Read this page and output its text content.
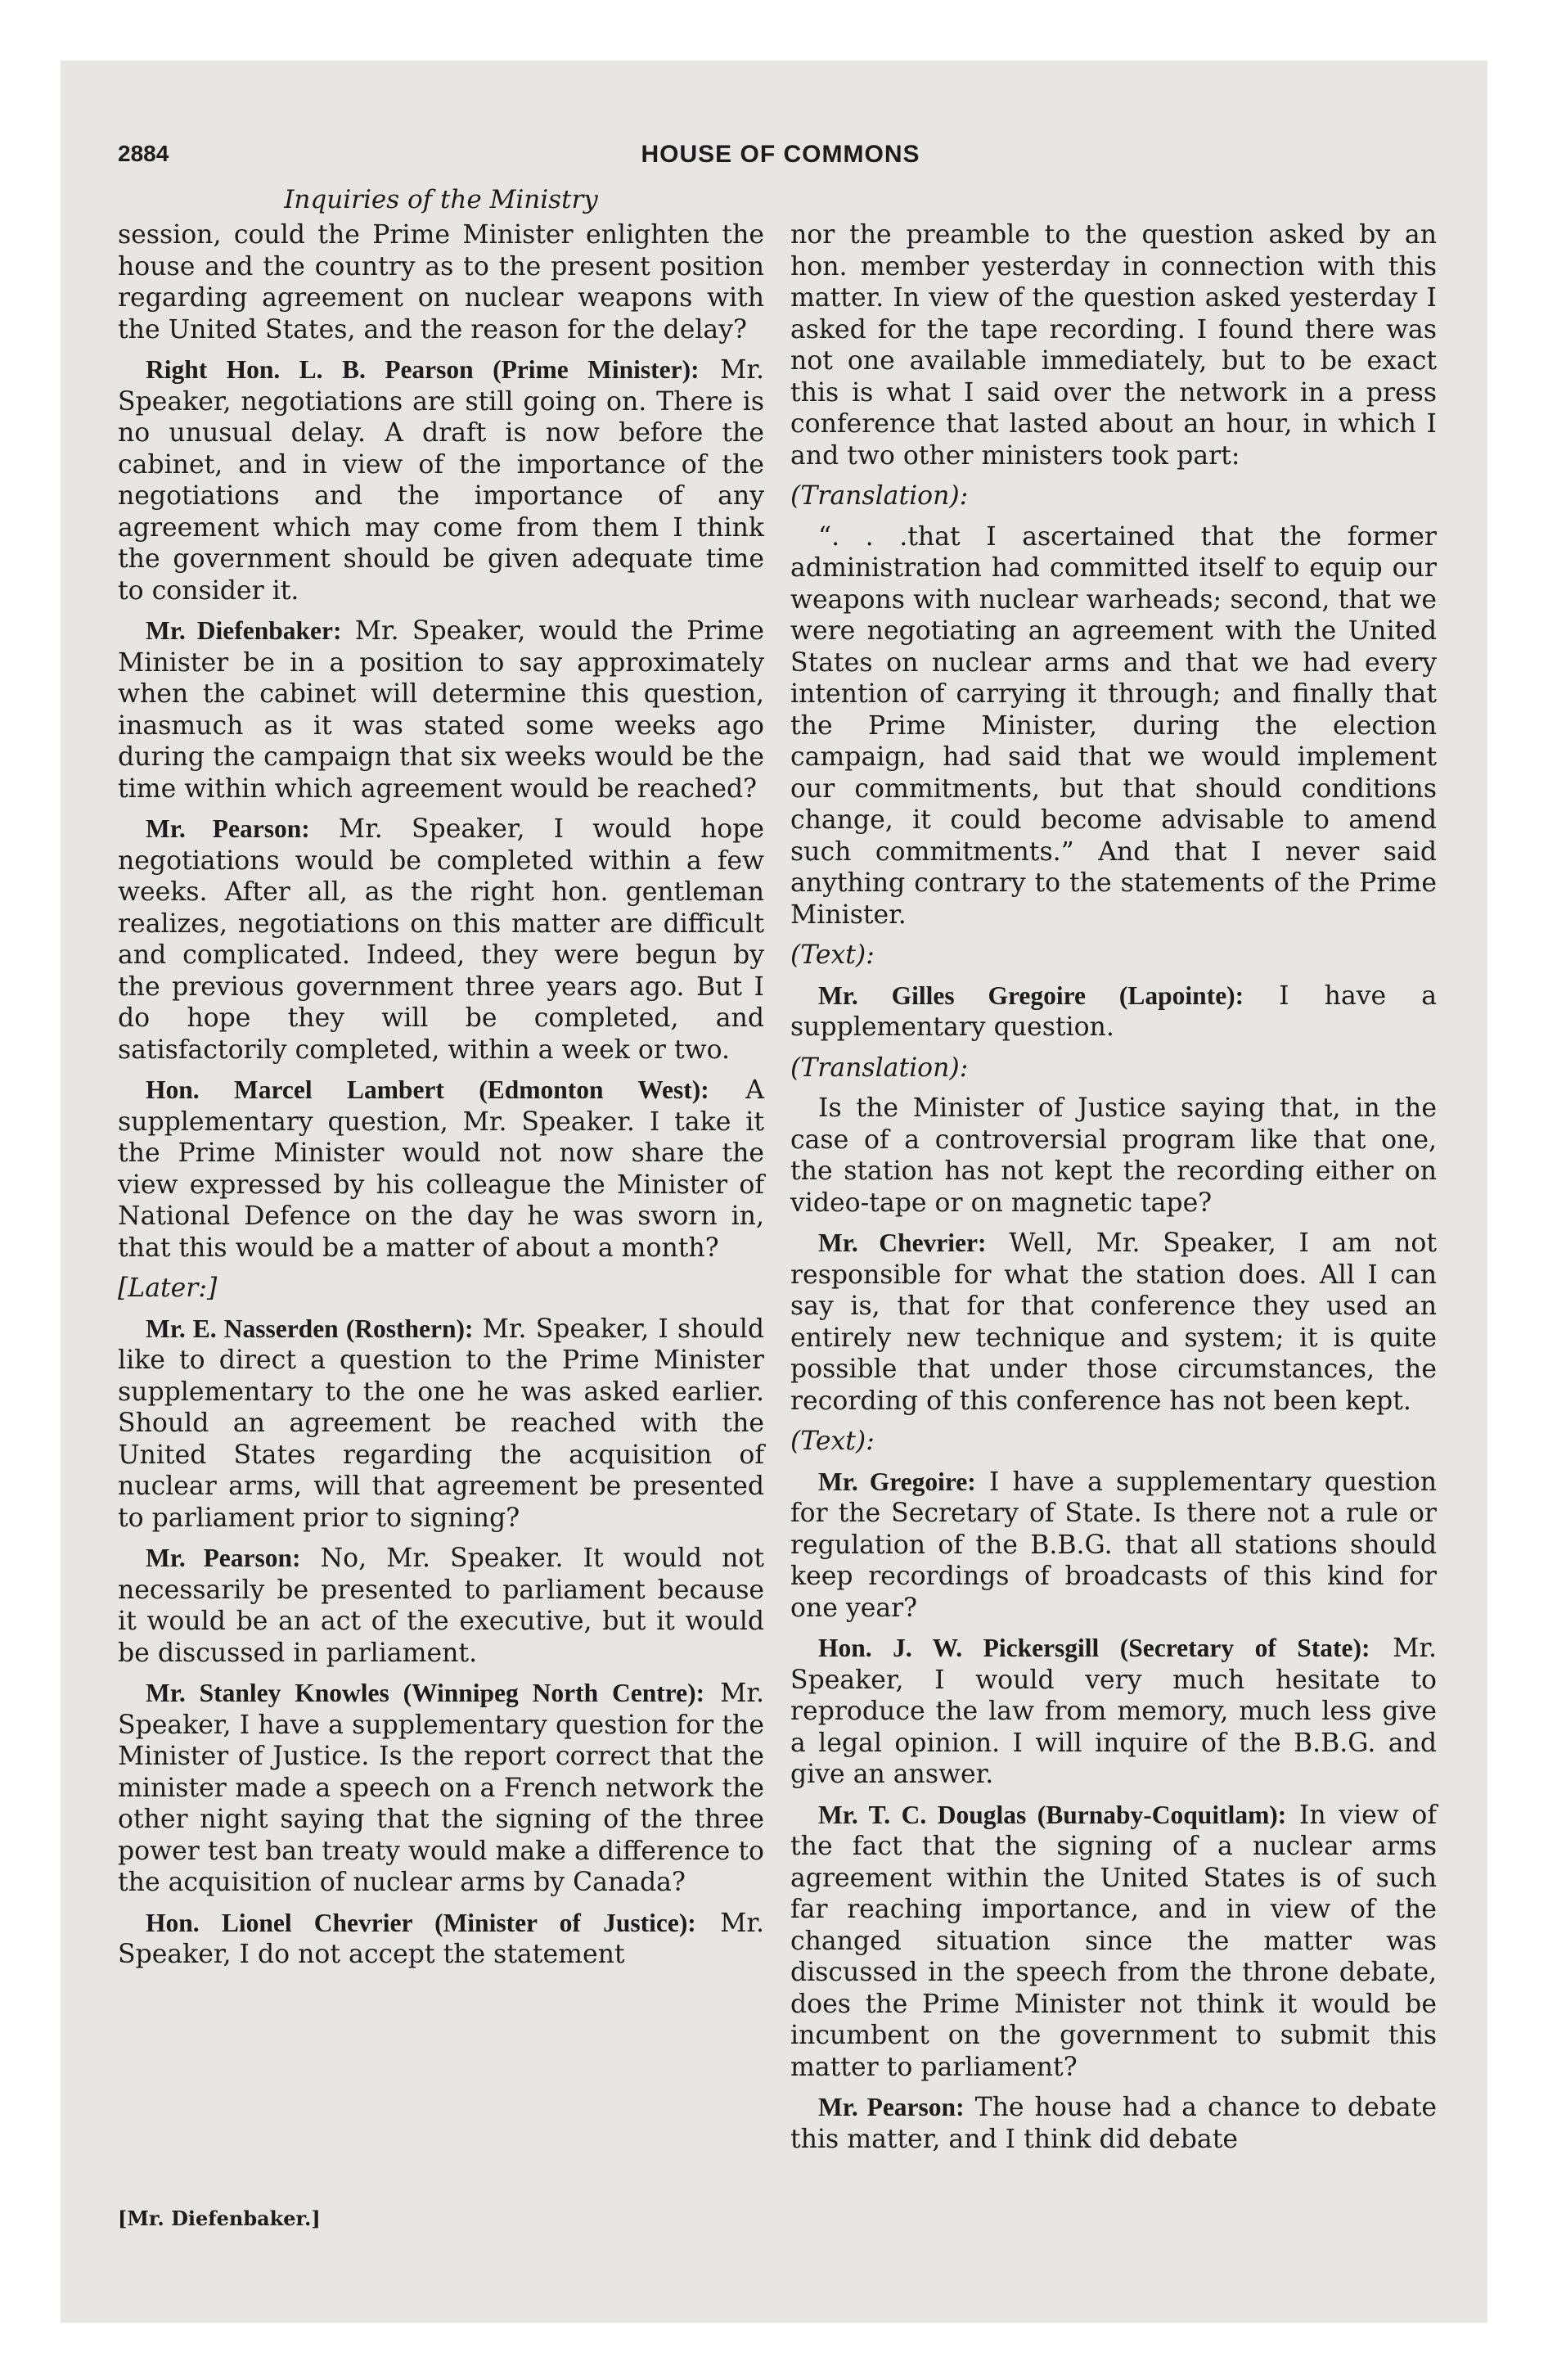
2884	HOUSE OF COMMONS
Inquiries of the Ministry

session, could the Prime Minister enlighten the house and the country as to the present position regarding agreement on nuclear weapons with the United States, and the reason for the delay?

Right Hon. L. B. Pearson (Prime Minister): Mr. Speaker, negotiations are still going on. There is no unusual delay. A draft is now before the cabinet, and in view of the importance of the negotiations and the importance of any agreement which may come from them I think the government should be given adequate time to consider it.

Mr. Diefenbaker: Mr. Speaker, would the Prime Minister be in a position to say approximately when the cabinet will determine this question, inasmuch as it was stated some weeks ago during the campaign that six weeks would be the time within which agreement would be reached?

Mr. Pearson: Mr. Speaker, I would hope negotiations would be completed within a few weeks. After all, as the right hon. gentleman realizes, negotiations on this matter are difficult and complicated. Indeed, they were begun by the previous government three years ago. But I do hope they will be completed, and satisfactorily completed, within a week or two.

Hon. Marcel Lambert (Edmonton West): A supplementary question, Mr. Speaker. I take it the Prime Minister would not now share the view expressed by his colleague the Minister of National Defence on the day he was sworn in, that this would be a matter of about a month?

[Later:]

Mr. E. Nasserden (Rosthern): Mr. Speaker, I should like to direct a question to the Prime Minister supplementary to the one he was asked earlier. Should an agreement be reached with the United States regarding the acquisition of nuclear arms, will that agreement be presented to parliament prior to signing?

Mr. Pearson: No, Mr. Speaker. It would not necessarily be presented to parliament because it would be an act of the executive, but it would be discussed in parliament.

Mr. Stanley Knowles (Winnipeg North Centre): Mr. Speaker, I have a supplementary question for the Minister of Justice. Is the report correct that the minister made a speech on a French network the other night saying that the signing of the three power test ban treaty would make a difference to the acquisition of nuclear arms by Canada?

Hon. Lionel Chevrier (Minister of Justice): Mr. Speaker, I do not accept the statement

nor the preamble to the question asked by an hon. member yesterday in connection with this matter. In view of the question asked yesterday I asked for the tape recording. I found there was not one available immediately, but to be exact this is what I said over the network in a press conference that lasted about an hour, in which I and two other ministers took part:

(Translation):

“. . .that I ascertained that the former administration had committed itself to equip our weapons with nuclear warheads; second, that we were negotiating an agreement with the United States on nuclear arms and that we had every intention of carrying it through; and finally that the Prime Minister, during the election campaign, had said that we would implement our commitments, but that should conditions change, it could become advisable to amend such commitments.” And that I never said anything contrary to the statements of the Prime Minister.

(Text):

Mr. Gilles Gregoire (Lapointe): I have a supplementary question.

(Translation):

Is the Minister of Justice saying that, in the case of a controversial program like that one, the station has not kept the recording either on video-tape or on magnetic tape?

Mr. Chevrier: Well, Mr. Speaker, I am not responsible for what the station does. All I can say is, that for that conference they used an entirely new technique and system; it is quite possible that under those circumstances, the recording of this conference has not been kept.

(Text):

Mr. Gregoire: I have a supplementary question for the Secretary of State. Is there not a rule or regulation of the B.B.G. that all stations should keep recordings of broadcasts of this kind for one year?

Hon. J. W. Pickersgill (Secretary of State): Mr. Speaker, I would very much hesitate to reproduce the law from memory, much less give a legal opinion. I will inquire of the B.B.G. and give an answer.

Mr. T. C. Douglas (Burnaby-Coquitlam): In view of the fact that the signing of a nuclear arms agreement within the United States is of such far reaching importance, and in view of the changed situation since the matter was discussed in the speech from the throne debate, does the Prime Minister not think it would be incumbent on the government to submit this matter to parliament?

Mr. Pearson: The house had a chance to debate this matter, and I think did debate

[Mr. Diefenbaker.]
